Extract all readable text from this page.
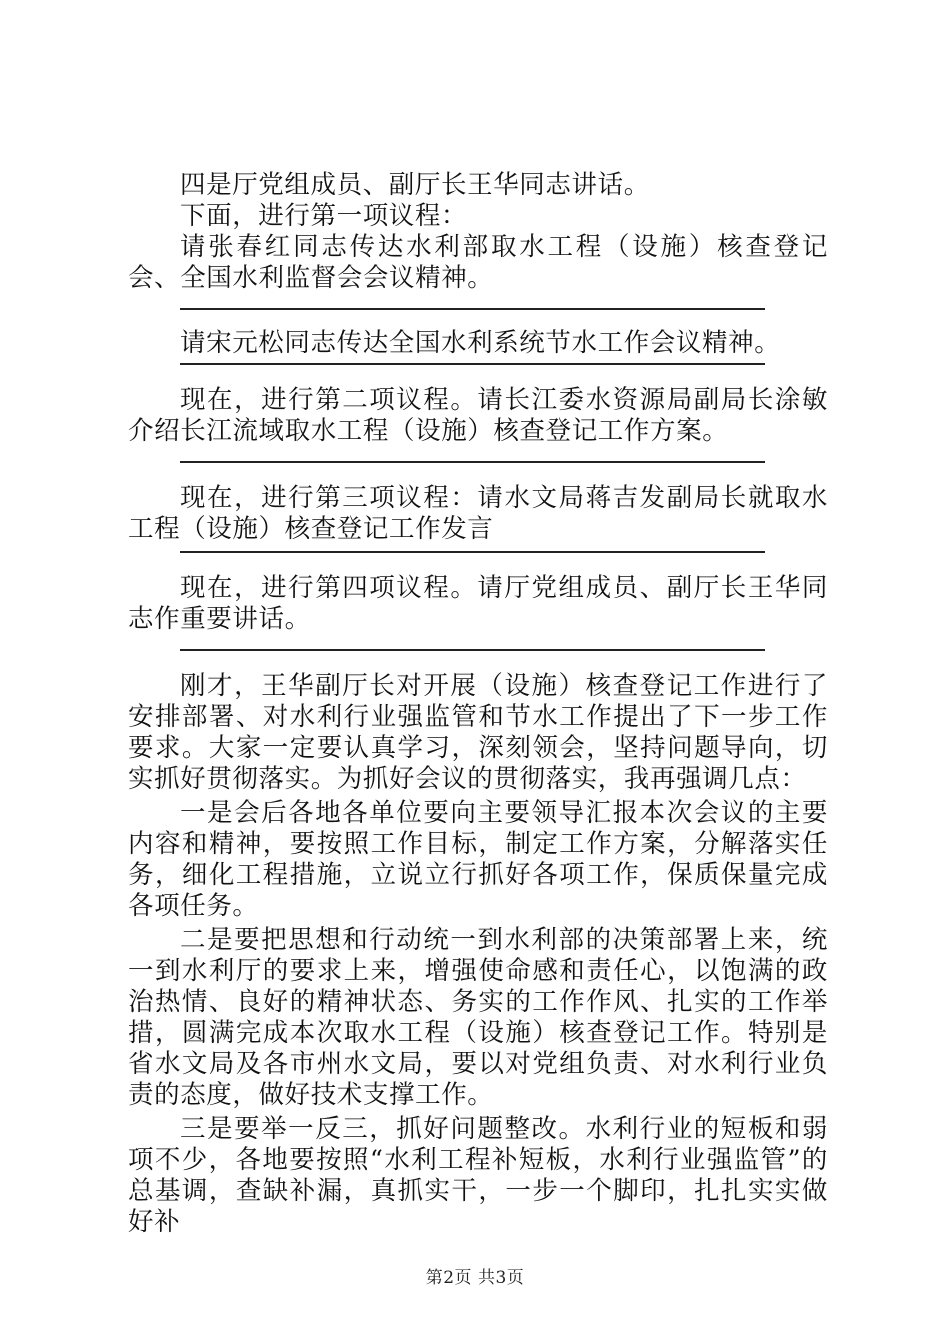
四是厅党组成员、副厅长王华同志讲话。

下面，进行第一项议程：

请张春红同志传达水利部取水工程（设施）核查登记会、全国水利监督会会议精神。

请宋元松同志传达全国水利系统节水工作会议精神。

现在，进行第二项议程。请长江委水资源局副局长涂敏介绍长江流域取水工程（设施）核查登记工作方案。

现在，进行第三项议程：请水文局蒋吉发副局长就取水工程（设施）核查登记工作发言

现在，进行第四项议程。请厅党组成员、副厅长王华同志作重要讲话。

刚才，王华副厅长对开展（设施）核查登记工作进行了安排部署、对水利行业强监管和节水工作提出了下一步工作要求。大家一定要认真学习，深刻领会，坚持问题导向，切实抓好贯彻落实。为抓好会议的贯彻落实，我再强调几点：

一是会后各地各单位要向主要领导汇报本次会议的主要内容和精神，要按照工作目标，制定工作方案，分解落实任务，细化工程措施，立说立行抓好各项工作，保质保量完成各项任务。

二是要把思想和行动统一到水利部的决策部署上来，统一到水利厅的要求上来，增强使命感和责任心，以饱满的政治热情、良好的精神状态、务实的工作作风、扎实的工作举措，圆满完成本次取水工程（设施）核查登记工作。特别是省水文局及各市州水文局，要以对党组负责、对水利行业负责的态度，做好技术支撑工作。

三是要举一反三，抓好问题整改。水利行业的短板和弱项不少，各地要按照“水利工程补短板，水利行业强监管”的总基调，查缺补漏，真抓实干，一步一个脚印，扎扎实实做好补

第2页 共3页
